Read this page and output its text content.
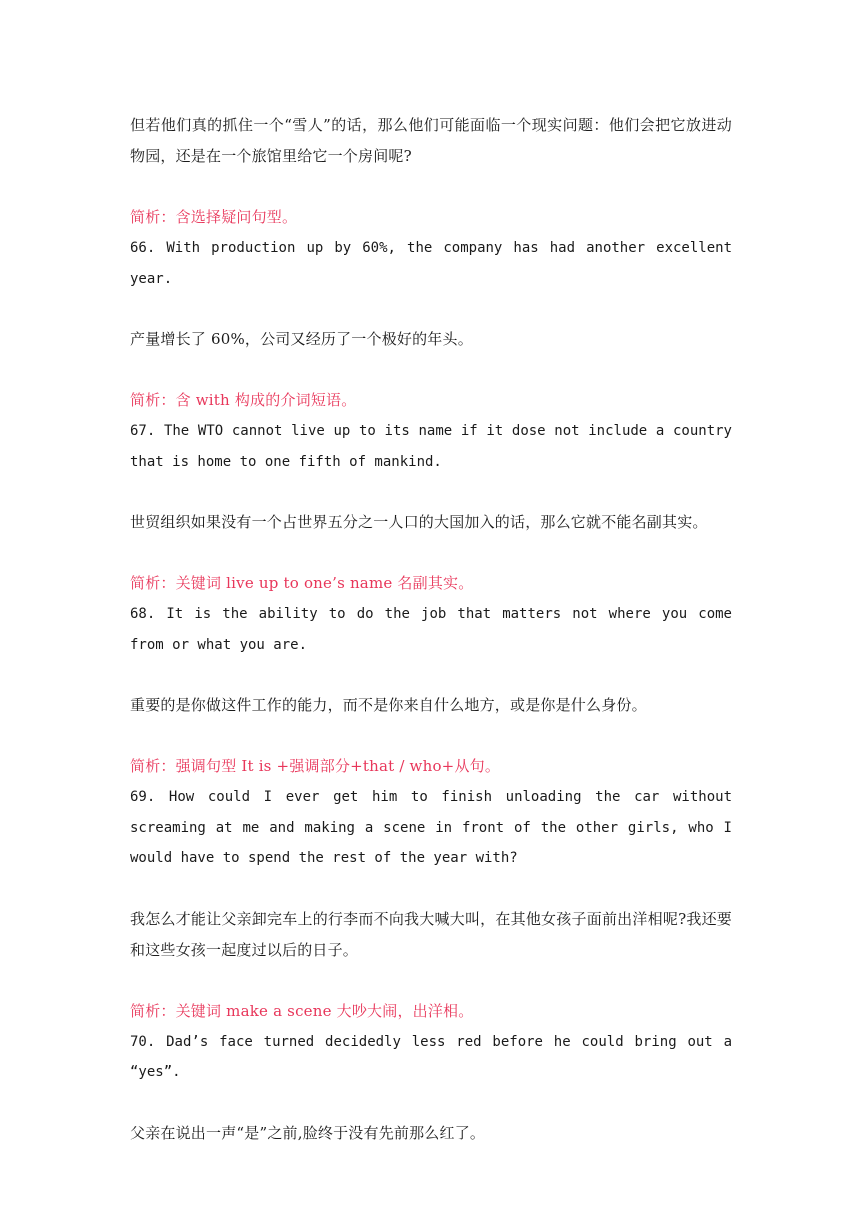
但若他们真的抓住一个“雪人”的话，那么他们可能面临一个现实问题：他们会把它放进动物园，还是在一个旅馆里给它一个房间呢?

简析：含选择疑问句型。

66. With production up by 60%, the company has had another excellent year.

产量增长了 60%，公司又经历了一个极好的年头。

简析：含 with 构成的介词短语。

67. The WTO cannot live up to its name if it dose not include a country that is home to one fifth of mankind.

世贸组织如果没有一个占世界五分之一人口的大国加入的话，那么它就不能名副其实。

简析：关键词 live up to one’s name 名副其实。

68. It is the ability to do the job that matters not where you come from or what you are.

重要的是你做这件工作的能力，而不是你来自什么地方，或是你是什么身份。

简析：强调句型 It is +强调部分+that / who+从句。

69. How could I ever get him to finish unloading the car without screaming at me and making a scene in front of the other girls, who I would have to spend the rest of the year with?

我怎么才能让父亲卸完车上的行李而不向我大喊大叫，在其他女孩子面前出洋相呢?我还要和这些女孩一起度过以后的日子。

简析：关键词 make a scene 大吵大闹，出洋相。

70. Dad’s face turned decidedly less red before he could bring out a “yes”.

父亲在说出一声“是”之前,脸终于没有先前那么红了。
